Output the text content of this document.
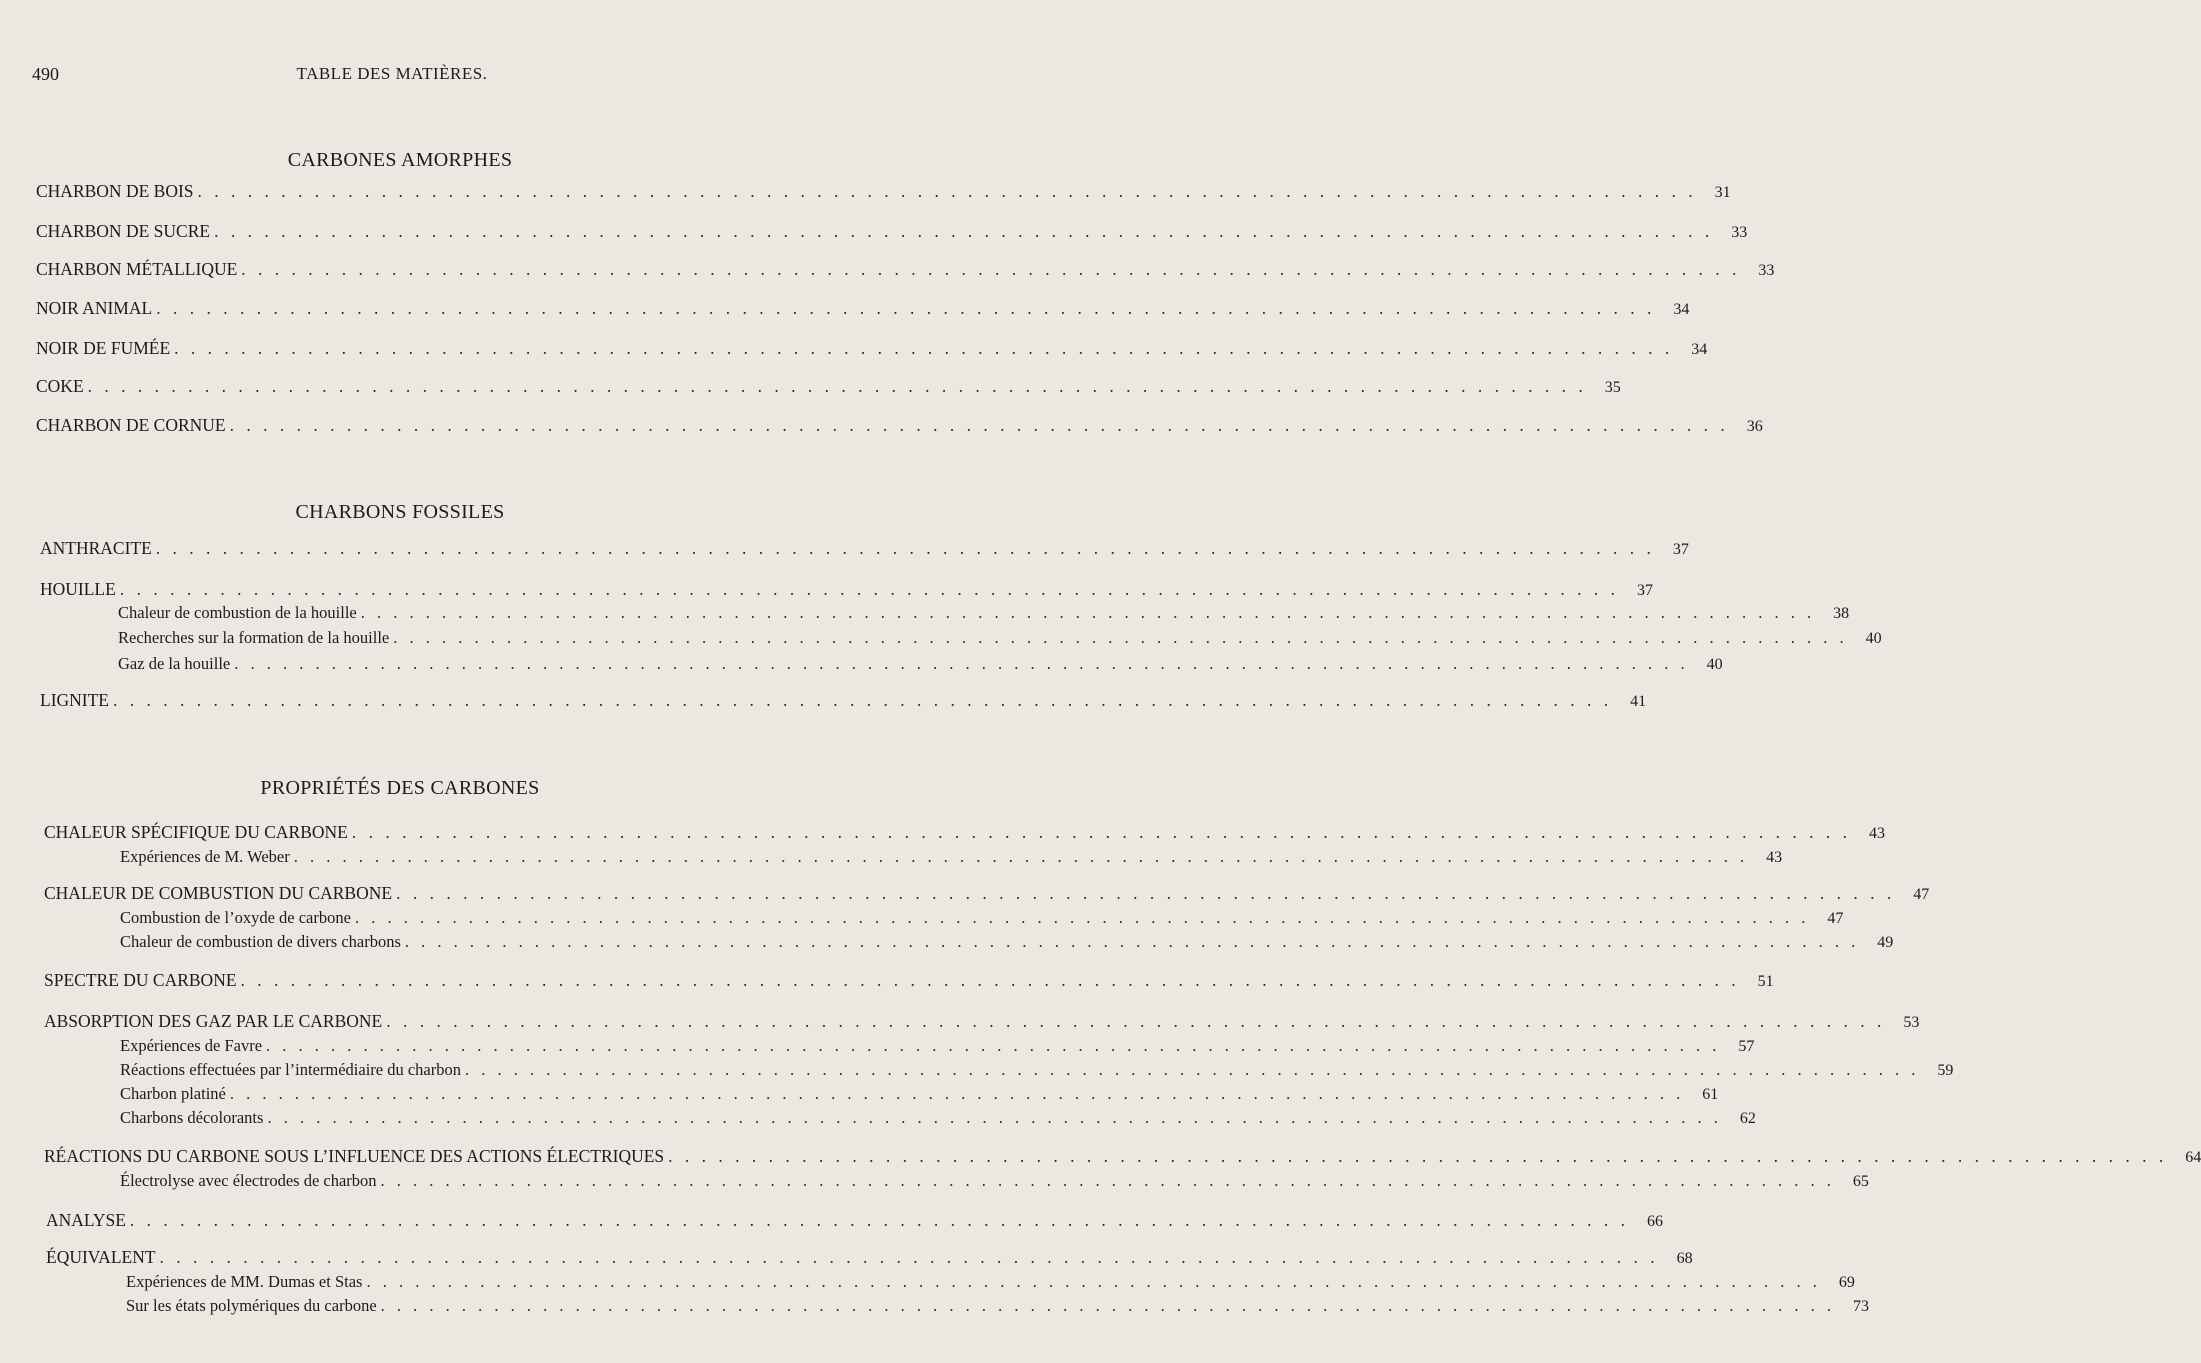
490	TABLE DES MATIÈRES.
CARBONES AMORPHES
CHARBON DE BOIS . . . . . . . . . . . . . . . . . . . . . . . . . . . . . . . . . . . . . . . . . . . . . . . . . . . . . . . . . . . . . . . . . . . . . . . . . . . . . . . . . . . . . . . . . .	31
CHARBON DE SUCRE . . . . . . . . . . . . . . . . . . . . . . . . . . . . . . . . . . . . . . . . . . . . . . . . . . . . . . . . . . . . . . . . . . . . . . . . . . . . . . . . . . . . . . . . . .	33
CHARBON MÉTALLIQUE . . . . . . . . . . . . . . . . . . . . . . . . . . . . . . . . . . . . . . . . . . . . . . . . . . . . . . . . . . . . . . . . . . . . . . . . . . . . . . . . . . . . . . . . . .	33
NOIR ANIMAL . . . . . . . . . . . . . . . . . . . . . . . . . . . . . . . . . . . . . . . . . . . . . . . . . . . . . . . . . . . . . . . . . . . . . . . . . . . . . . . . . . . . . . . . . .	34
NOIR DE FUMÉE . . . . . . . . . . . . . . . . . . . . . . . . . . . . . . . . . . . . . . . . . . . . . . . . . . . . . . . . . . . . . . . . . . . . . . . . . . . . . . . . . . . . . . . . . .	34
COKE . . . . . . . . . . . . . . . . . . . . . . . . . . . . . . . . . . . . . . . . . . . . . . . . . . . . . . . . . . . . . . . . . . . . . . . . . . . . . . . . . . . . . . . . . .	35
CHARBON DE CORNUE . . . . . . . . . . . . . . . . . . . . . . . . . . . . . . . . . . . . . . . . . . . . . . . . . . . . . . . . . . . . . . . . . . . . . . . . . . . . . . . . . . . . . . . . . .	36
CHARBONS FOSSILES
ANTHRACITE . . . . . . . . . . . . . . . . . . . . . . . . . . . . . . . . . . . . . . . . . . . . . . . . . . . . . . . . . . . . . . . . . . . . . . . . . . . . . . . . . . . . . . . . . .	37
HOUILLE . . . . . . . . . . . . . . . . . . . . . . . . . . . . . . . . . . . . . . . . . . . . . . . . . . . . . . . . . . . . . . . . . . . . . . . . . . . . . . . . . . . . . . . . . .	37
Chaleur de combustion de la houille . . . . . . . . . . . . . . . . . . . . . . . . . . . . . . . . . . . . . . . . . . . . . . . . . . . . . . . . . . . . . . . . . . . . . . . . . . . . . . . . . . . . . . . . . .	38
Recherches sur la formation de la houille . . . . . . . . . . . . . . . . . . . . . . . . . . . . . . . . . . . . . . . . . . . . . . . . . . . . . . . . . . . . . . . . . . . . . . . . . . . . . . . . . . . . . . . . . .	40
Gaz de la houille . . . . . . . . . . . . . . . . . . . . . . . . . . . . . . . . . . . . . . . . . . . . . . . . . . . . . . . . . . . . . . . . . . . . . . . . . . . . . . . . . . . . . . . . . .	40
LIGNITE . . . . . . . . . . . . . . . . . . . . . . . . . . . . . . . . . . . . . . . . . . . . . . . . . . . . . . . . . . . . . . . . . . . . . . . . . . . . . . . . . . . . . . . . . .	41
PROPRIÉTÉS DES CARBONES
CHALEUR SPÉCIFIQUE DU CARBONE . . . . . . . . . . . . . . . . . . . . . . . . . . . . . . . . . . . . . . . . . . . . . . . . . . . . . . . . . . . . . . . . . . . . . . . . . . . . . . . . . . . . . . . . . .	43
Expériences de M. Weber . . . . . . . . . . . . . . . . . . . . . . . . . . . . . . . . . . . . . . . . . . . . . . . . . . . . . . . . . . . . . . . . . . . . . . . . . . . . . . . . . . . . . . . . . .	43
CHALEUR DE COMBUSTION DU CARBONE . . . . . . . . . . . . . . . . . . . . . . . . . . . . . . . . . . . . . . . . . . . . . . . . . . . . . . . . . . . . . . . . . . . . . . . . . . . . . . . . . . . . . . . . . .	47
Combustion de l’oxyde de carbone . . . . . . . . . . . . . . . . . . . . . . . . . . . . . . . . . . . . . . . . . . . . . . . . . . . . . . . . . . . . . . . . . . . . . . . . . . . . . . . . . . . . . . . . . .	47
Chaleur de combustion de divers charbons . . . . . . . . . . . . . . . . . . . . . . . . . . . . . . . . . . . . . . . . . . . . . . . . . . . . . . . . . . . . . . . . . . . . . . . . . . . . . . . . . . . . . . . . . .	49
SPECTRE DU CARBONE . . . . . . . . . . . . . . . . . . . . . . . . . . . . . . . . . . . . . . . . . . . . . . . . . . . . . . . . . . . . . . . . . . . . . . . . . . . . . . . . . . . . . . . . . .	51
ABSORPTION DES GAZ PAR LE CARBONE . . . . . . . . . . . . . . . . . . . . . . . . . . . . . . . . . . . . . . . . . . . . . . . . . . . . . . . . . . . . . . . . . . . . . . . . . . . . . . . . . . . . . . . . . .	53
Expériences de Favre . . . . . . . . . . . . . . . . . . . . . . . . . . . . . . . . . . . . . . . . . . . . . . . . . . . . . . . . . . . . . . . . . . . . . . . . . . . . . . . . . . . . . . . . . .	57
Réactions effectuées par l’intermédiaire du charbon . . . . . . . . . . . . . . . . . . . . . . . . . . . . . . . . . . . . . . . . . . . . . . . . . . . . . . . . . . . . . . . . . . . . . . . . . . . . . . . . . . . . . . . . . .	59
Charbon platiné . . . . . . . . . . . . . . . . . . . . . . . . . . . . . . . . . . . . . . . . . . . . . . . . . . . . . . . . . . . . . . . . . . . . . . . . . . . . . . . . . . . . . . . . . .	61
Charbons décolorants . . . . . . . . . . . . . . . . . . . . . . . . . . . . . . . . . . . . . . . . . . . . . . . . . . . . . . . . . . . . . . . . . . . . . . . . . . . . . . . . . . . . . . . . . .	62
RÉACTIONS DU CARBONE SOUS L’INFLUENCE DES ACTIONS ÉLECTRIQUES . . . . . . . . . . . . . . . . . . . . . . . . . . . . . . . . . . . . . . . . . . . . . . . . . . . . . . . . . . . . . . . . . . . . . . . . . . . . . . . . . . . . . . . . . .	64
Électrolyse avec électrodes de charbon . . . . . . . . . . . . . . . . . . . . . . . . . . . . . . . . . . . . . . . . . . . . . . . . . . . . . . . . . . . . . . . . . . . . . . . . . . . . . . . . . . . . . . . . . .	65
ANALYSE . . . . . . . . . . . . . . . . . . . . . . . . . . . . . . . . . . . . . . . . . . . . . . . . . . . . . . . . . . . . . . . . . . . . . . . . . . . . . . . . . . . . . . . . . .	66
ÉQUIVALENT . . . . . . . . . . . . . . . . . . . . . . . . . . . . . . . . . . . . . . . . . . . . . . . . . . . . . . . . . . . . . . . . . . . . . . . . . . . . . . . . . . . . . . . . . .	68
Expériences de MM. Dumas et Stas . . . . . . . . . . . . . . . . . . . . . . . . . . . . . . . . . . . . . . . . . . . . . . . . . . . . . . . . . . . . . . . . . . . . . . . . . . . . . . . . . . . . . . . . . .	69
Sur les états polymériques du carbone . . . . . . . . . . . . . . . . . . . . . . . . . . . . . . . . . . . . . . . . . . . . . . . . . . . . . . . . . . . . . . . . . . . . . . . . . . . . . . . . . . . . . . . . . .	73
